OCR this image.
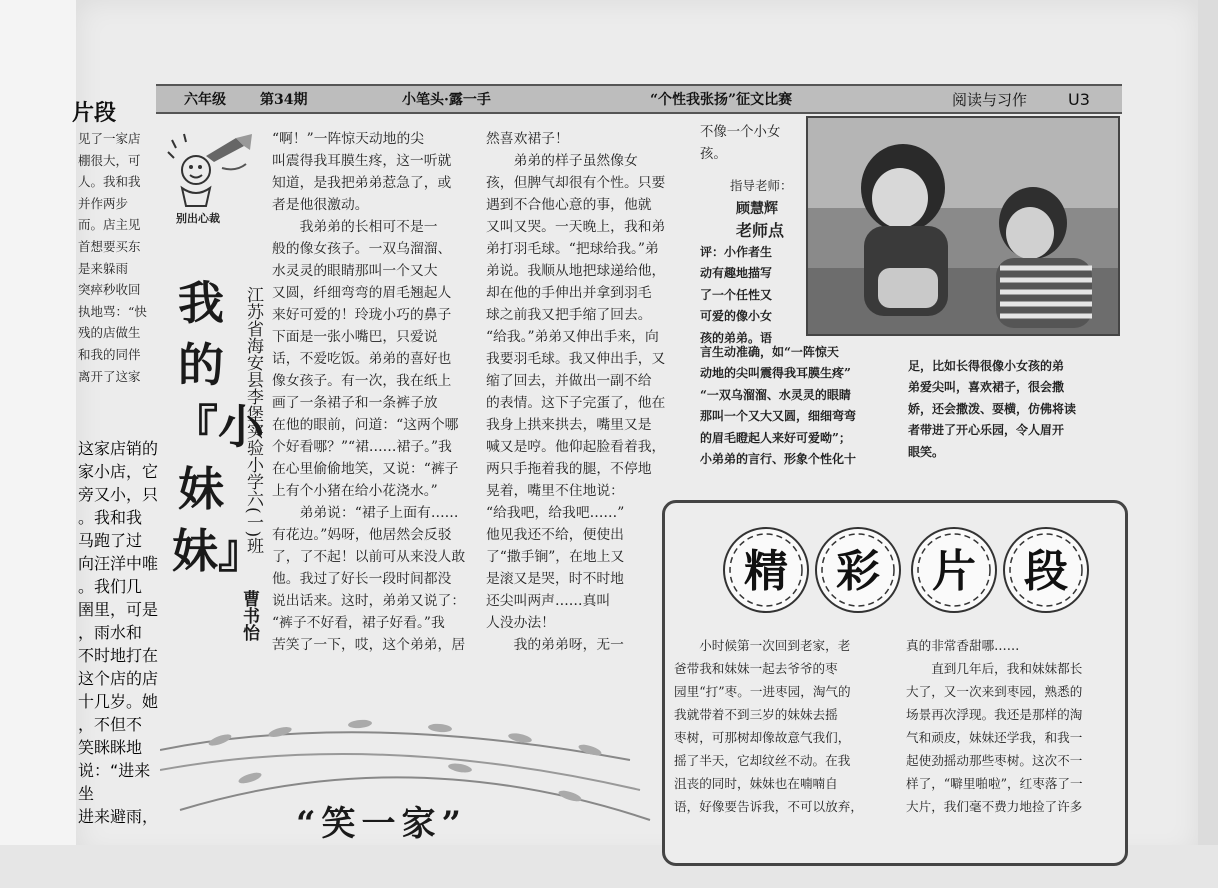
片段
见了一家店
棚很大，可
人。我和我
并作两步
而。店主见
首想要买东
是来躲雨
突瘁秒收回
执地骂：“快
残的店做生
和我的同伴
离开了这家
这家店销的
家小店，它
旁又小，只
。我和我
马跑了过
向汪洋中唯
。我们几
圉里，可是
，雨水和
不时地打在
这个店的店
十几岁。她
，不但不
笑眯眯地
说：“进来坐
进来避雨，
六年级 第34期	小笔头·露一手	“个性我张扬”征文比赛	阅读与习作	U3
别出心裁
我
的
『小
妹
妹』
江苏省海安县李堡实验小学六(一)班
曹书怡
“啊！”一阵惊天动地的尖
叫震得我耳膜生疼，这一听就
知道，是我把弟弟惹急了，或
者是他很激动。
　　我弟弟的长相可不是一
般的像女孩子。一双乌溜溜、
水灵灵的眼睛那叫一个又大
又圆，纤细弯弯的眉毛翘起人
来好可爱的！玲珑小巧的鼻子
下面是一张小嘴巴，只爱说
话，不爱吃饭。弟弟的喜好也
像女孩子。有一次，我在纸上
画了一条裙子和一条裤子放
在他的眼前，问道：“这两个哪
个好看哪？”“裙……裙子。”我
在心里偷偷地笑，又说：“裤子
上有个小猪在给小花浇水。”
　　弟弟说：“裙子上面有……
有花边。”妈呀，他居然会反驳
了，了不起！以前可从来没人敢
他。我过了好长一段时间都没
说出话来。这时，弟弟又说了：
“裤子不好看，裙子好看。”我
苦笑了一下，哎，这个弟弟，居
然喜欢裙子！
　　弟弟的样子虽然像女
孩，但脾气却很有个性。只要
遇到不合他心意的事，他就
又叫又哭。一天晚上，我和弟
弟打羽毛球。“把球给我。”弟
弟说。我顺从地把球递给他，
却在他的手伸出并拿到羽毛
球之前我又把手缩了回去。
“给我。”弟弟又伸出手来，向
我要羽毛球。我又伸出手，又
缩了回去，并做出一副不给
的表情。这下子完蛋了，他在
我身上拱来拱去，嘴里又是
喊又是哼。他仰起脸看着我，
两只手拖着我的腿，不停地
晃着，嘴里不住地说：
“给我吧，给我吧……”
他见我还不给，便使出
了“撒手锏”，在地上又
是滚又是哭，时不时地
还尖叫两声……真叫
人没办法！
　　我的弟弟呀，无一
不像一个小女
孩。
指导老师：
顾慧辉
老师点
评：小作者生
动有趣地描写
了一个任性又
可爱的像小女
孩的弟弟。语
言生动准确，如“一阵惊天
动地的尖叫震得我耳膜生疼”
“一双乌溜溜、水灵灵的眼睛
那叫一个又大又圆，细细弯弯
的眉毛瞪起人来好可爱呦”；
小弟弟的言行、形象个性化十
足，比如长得很像小女孩的弟
弟爱尖叫，喜欢裙子，很会撒
娇，还会撒泼、耍横，仿佛将读
者带进了开心乐园，令人眉开
眼笑。
精 彩 片 段
　　小时候第一次回到老家，老
爸带我和妹妹一起去爷爷的枣
园里“打”枣。一进枣园，淘气的
我就带着不到三岁的妹妹去摇
枣树，可那树却像故意气我们，
摇了半天，它却纹丝不动。在我
沮丧的同时，妹妹也在喃喃自
语，好像要告诉我，不可以放弃，
真的非常香甜哪……
　　直到几年后，我和妹妹都长
大了，又一次来到枣园，熟悉的
场景再次浮现。我还是那样的淘
气和顽皮，妹妹还学我，和我一
起使劲摇动那些枣树。这次不一
样了，“噼里啪啦”，红枣落了一
大片，我们毫不费力地捡了许多
“笑一家”
